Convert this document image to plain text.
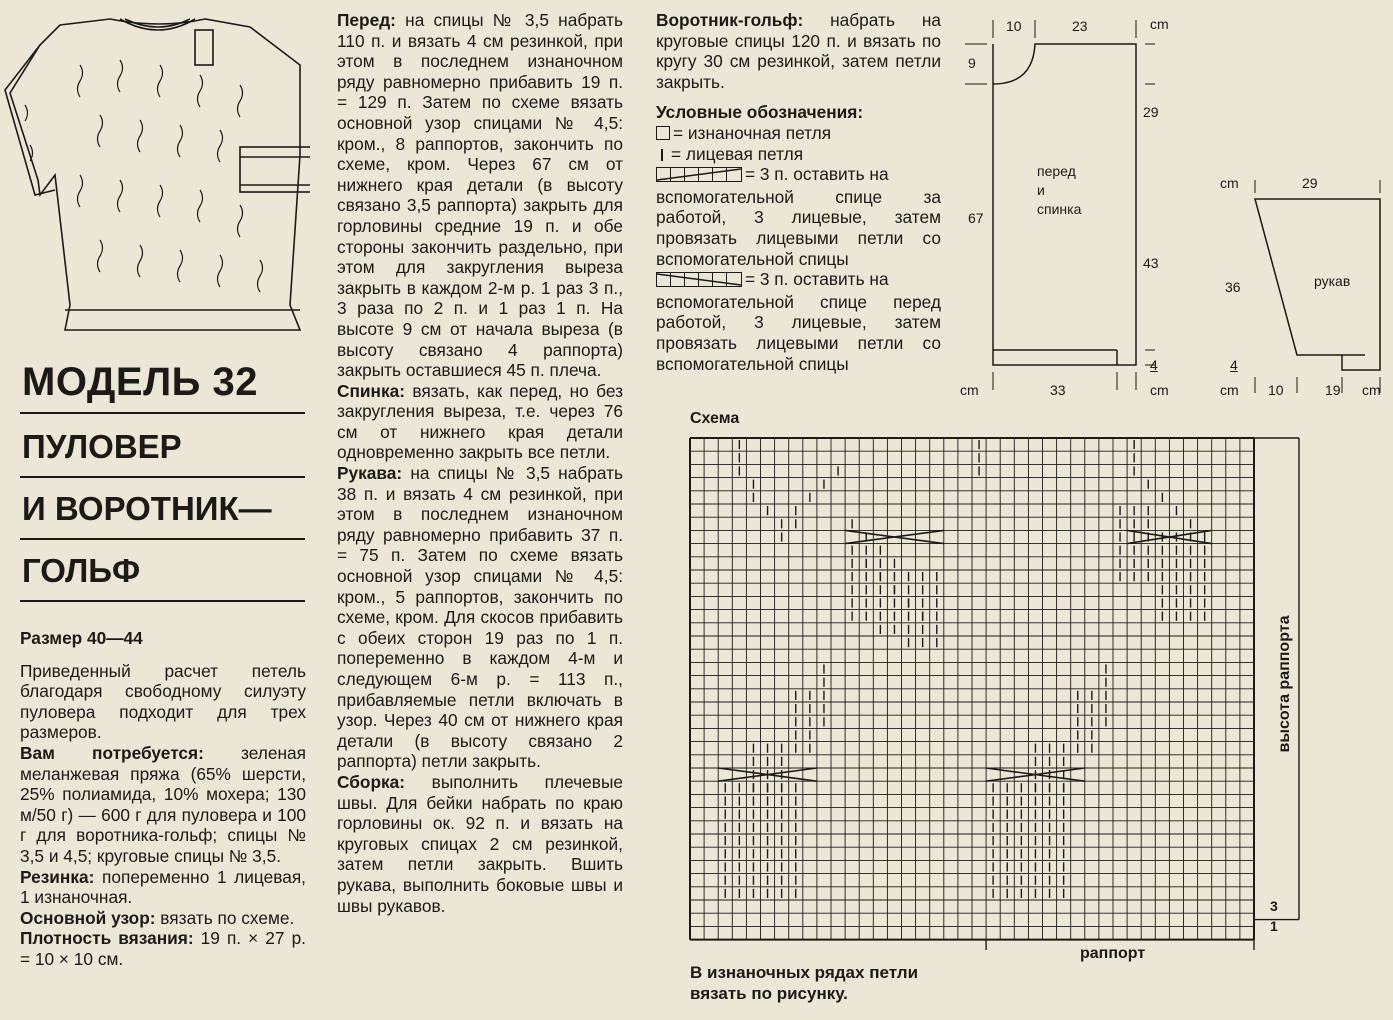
МОДЕЛЬ 32
ПУЛОВЕР
И ВОРОТНИК—
ГОЛЬФ

Размер 40—44

Приведенный расчет петель благодаря свободному силуэту пуловера подходит для трех размеров.

Вам потребуется: зеленая меланжевая пряжа (65% шерсти, 25% полиамида, 10% мохера; 130 м/50 г) — 600 г для пуловера и 100 г для воротника-гольф; спицы № 3,5 и 4,5; круговые спицы № 3,5.

Резинка: попеременно 1 лицевая, 1 изнаночная.

Основной узор: вязать по схеме.

Плотность вязания: 19 п. × 27 р. = 10 × 10 см.

Перед: на спицы № 3,5 набрать 110 п. и вязать 4 см резинкой, при этом в последнем изнаночном ряду равномерно прибавить 19 п. = 129 п. Затем по схеме вязать основной узор спицами № 4,5: кром., 8 раппортов, закончить по схеме, кром. Через 67 см от нижнего края детали (в высоту связано 3,5 раппорта) закрыть для горловины средние 19 п. и обе стороны закончить раздельно, при этом для закругления выреза закрыть в каждом 2-м р. 1 раз 3 п., 3 раза по 2 п. и 1 раз 1 п. На высоте 9 см от начала выреза (в высоту связано 4 раппорта) закрыть оставшиеся 45 п. плеча.

Спинка: вязать, как перед, но без закругления выреза, т.е. через 76 см от нижнего края детали одновременно закрыть все петли.

Рукава: на спицы № 3,5 набрать 38 п. и вязать 4 см резинкой, при этом в последнем изнаночном ряду равномерно прибавить 37 п. = 75 п. Затем по схеме вязать основной узор спицами № 4,5: кром., 5 раппортов, закончить по схеме, кром. Для скосов прибавить с обеих сторон 19 раз по 1 п. попеременно в каждом 4-м и следующем 6-м р. = 113 п., прибавляемые петли включать в узор. Через 40 см от нижнего края детали (в высоту связано 2 раппорта) петли закрыть.

Сборка: выполнить плечевые швы. Для бейки набрать по краю горловины ок. 92 п. и вязать на круговых спицах 2 см резинкой, затем петли закрыть. Вшить рукава, выполнить боковые швы и швы рукавов.

Воротник-гольф: набрать на круговые спицы 120 п. и вязать по кругу 30 см резинкой, затем петли закрыть.

Условные обозначения:

= изнаночная петля

= лицевая петля

= 3 п. оставить на

вспомогательной спице за работой, 3 лицевые, затем провязать лицевыми петли со вспомогательной спицы

= 3 п. оставить на

вспомогательной спице перед работой, 3 лицевые, затем провязать лицевыми петли со вспомогательной спицы

10	23	cm
9
29
67
43
4
перед
и
спинка
cm	33	cm
cm	29
36	рукав
4
cm 10	19 cm
Схема
высота раппорта
раппорт
3
1
В изнаночных рядах петли
вязать по рисунку.
